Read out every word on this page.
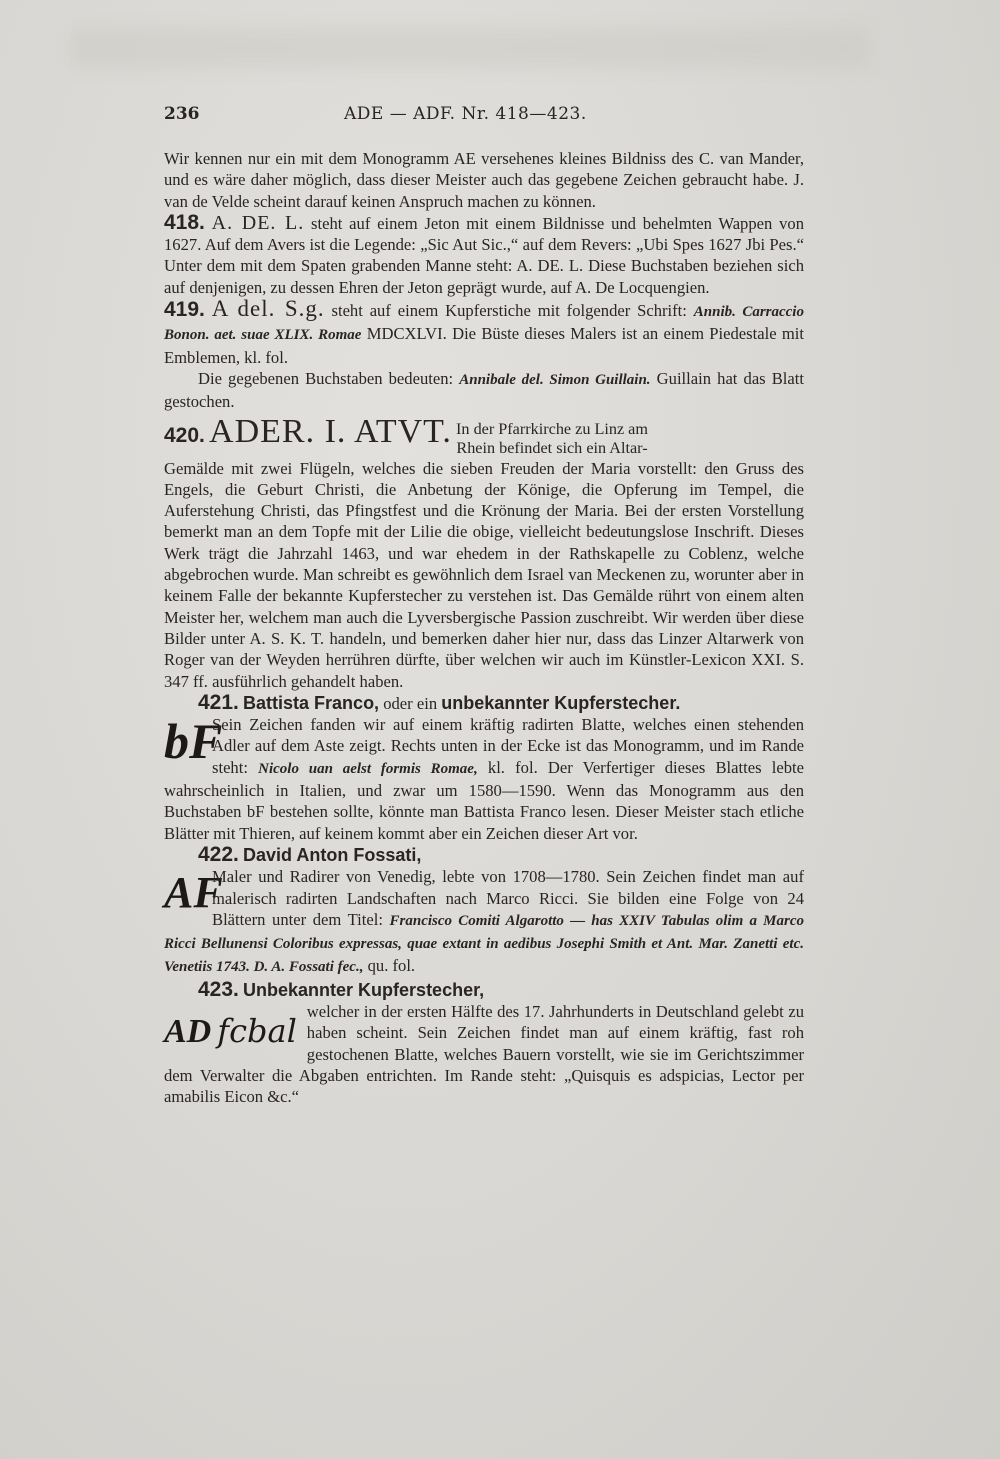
236	ADE — ADF. Nr. 418—423.

Wir kennen nur ein mit dem Monogramm AE versehenes kleines Bildniss des C. van Mander, und es wäre daher möglich, dass dieser Meister auch das gegebene Zeichen gebraucht habe. J. van de Velde scheint darauf keinen Anspruch machen zu können.

418. A. DE. L. steht auf einem Jeton mit einem Bildnisse und behelmten Wappen von 1627. Auf dem Avers ist die Legende: „Sic Aut Sic.,“ auf dem Revers: „Ubi Spes 1627 Jbi Pes.“ Unter dem mit dem Spaten grabenden Manne steht: A. DE. L. Diese Buchstaben beziehen sich auf denjenigen, zu dessen Ehren der Jeton geprägt wurde, auf A. De Locquengien.

419. A del. S.g. steht auf einem Kupferstiche mit folgender Schrift: Annib. Carraccio Bonon. aet. suae XLIX. Romae MDCXLVI. Die Büste dieses Malers ist an einem Piedestale mit Emblemen, kl. fol.

Die gegebenen Buchstaben bedeuten: Annibale del. Simon Guillain. Guillain hat das Blatt gestochen.

420. ADER. I. ATVT. In der Pfarrkirche zu Linz am
Rhein befindet sich ein Altar-

Gemälde mit zwei Flügeln, welches die sieben Freuden der Maria vorstellt: den Gruss des Engels, die Geburt Christi, die Anbetung der Könige, die Opferung im Tempel, die Auferstehung Christi, das Pfingstfest und die Krönung der Maria. Bei der ersten Vorstellung bemerkt man an dem Topfe mit der Lilie die obige, vielleicht bedeutungslose Inschrift. Dieses Werk trägt die Jahrzahl 1463, und war ehedem in der Rathskapelle zu Coblenz, welche abgebrochen wurde. Man schreibt es gewöhnlich dem Israel van Meckenen zu, worunter aber in keinem Falle der bekannte Kupferstecher zu verstehen ist. Das Gemälde rührt von einem alten Meister her, welchem man auch die Lyversbergische Passion zuschreibt. Wir werden über diese Bilder unter A. S. K. T. handeln, und bemerken daher hier nur, dass das Linzer Altarwerk von Roger van der Weyden herrühren dürfte, über welchen wir auch im Künstler-Lexicon XXI. S. 347 ff. ausführlich gehandelt haben.

421. Battista Franco, oder ein unbekannter Kupferstecher.

bF
Sein Zeichen fanden wir auf einem kräftig radirten Blatte, welches einen stehenden Adler auf dem Aste zeigt. Rechts unten in der Ecke ist das Monogramm, und im Rande steht: Nicolo uan aelst formis Romae, kl. fol. Der Verfertiger dieses Blattes lebte wahrscheinlich in Italien, und zwar um 1580—1590. Wenn das Monogramm aus den Buchstaben bF bestehen sollte, könnte man Battista Franco lesen. Dieser Meister stach etliche Blätter mit Thieren, auf keinem kommt aber ein Zeichen dieser Art vor.

422. David Anton Fossati,

AF
Maler und Radirer von Venedig, lebte von 1708—1780. Sein Zeichen findet man auf malerisch radirten Landschaften nach Marco Ricci. Sie bilden eine Folge von 24 Blättern unter dem Titel: Francisco Comiti Algarotto — has XXIV Tabulas olim a Marco Ricci Bellunensi Coloribus expressas, quae extant in aedibus Josephi Smith et Ant. Mar. Zanetti etc. Venetiis 1743. D. A. Fossati fec., qu. fol.

423. Unbekannter Kupferstecher,

AD fcbal
welcher in der ersten Hälfte des 17. Jahrhunderts in Deutschland gelebt zu haben scheint. Sein Zeichen findet man auf einem kräftig, fast roh gestochenen Blatte, welches Bauern vorstellt, wie sie im Gerichtszimmer dem Verwalter die Abgaben entrichten. Im Rande steht: „Quisquis es adspicias, Lector per amabilis Eicon &c.“
